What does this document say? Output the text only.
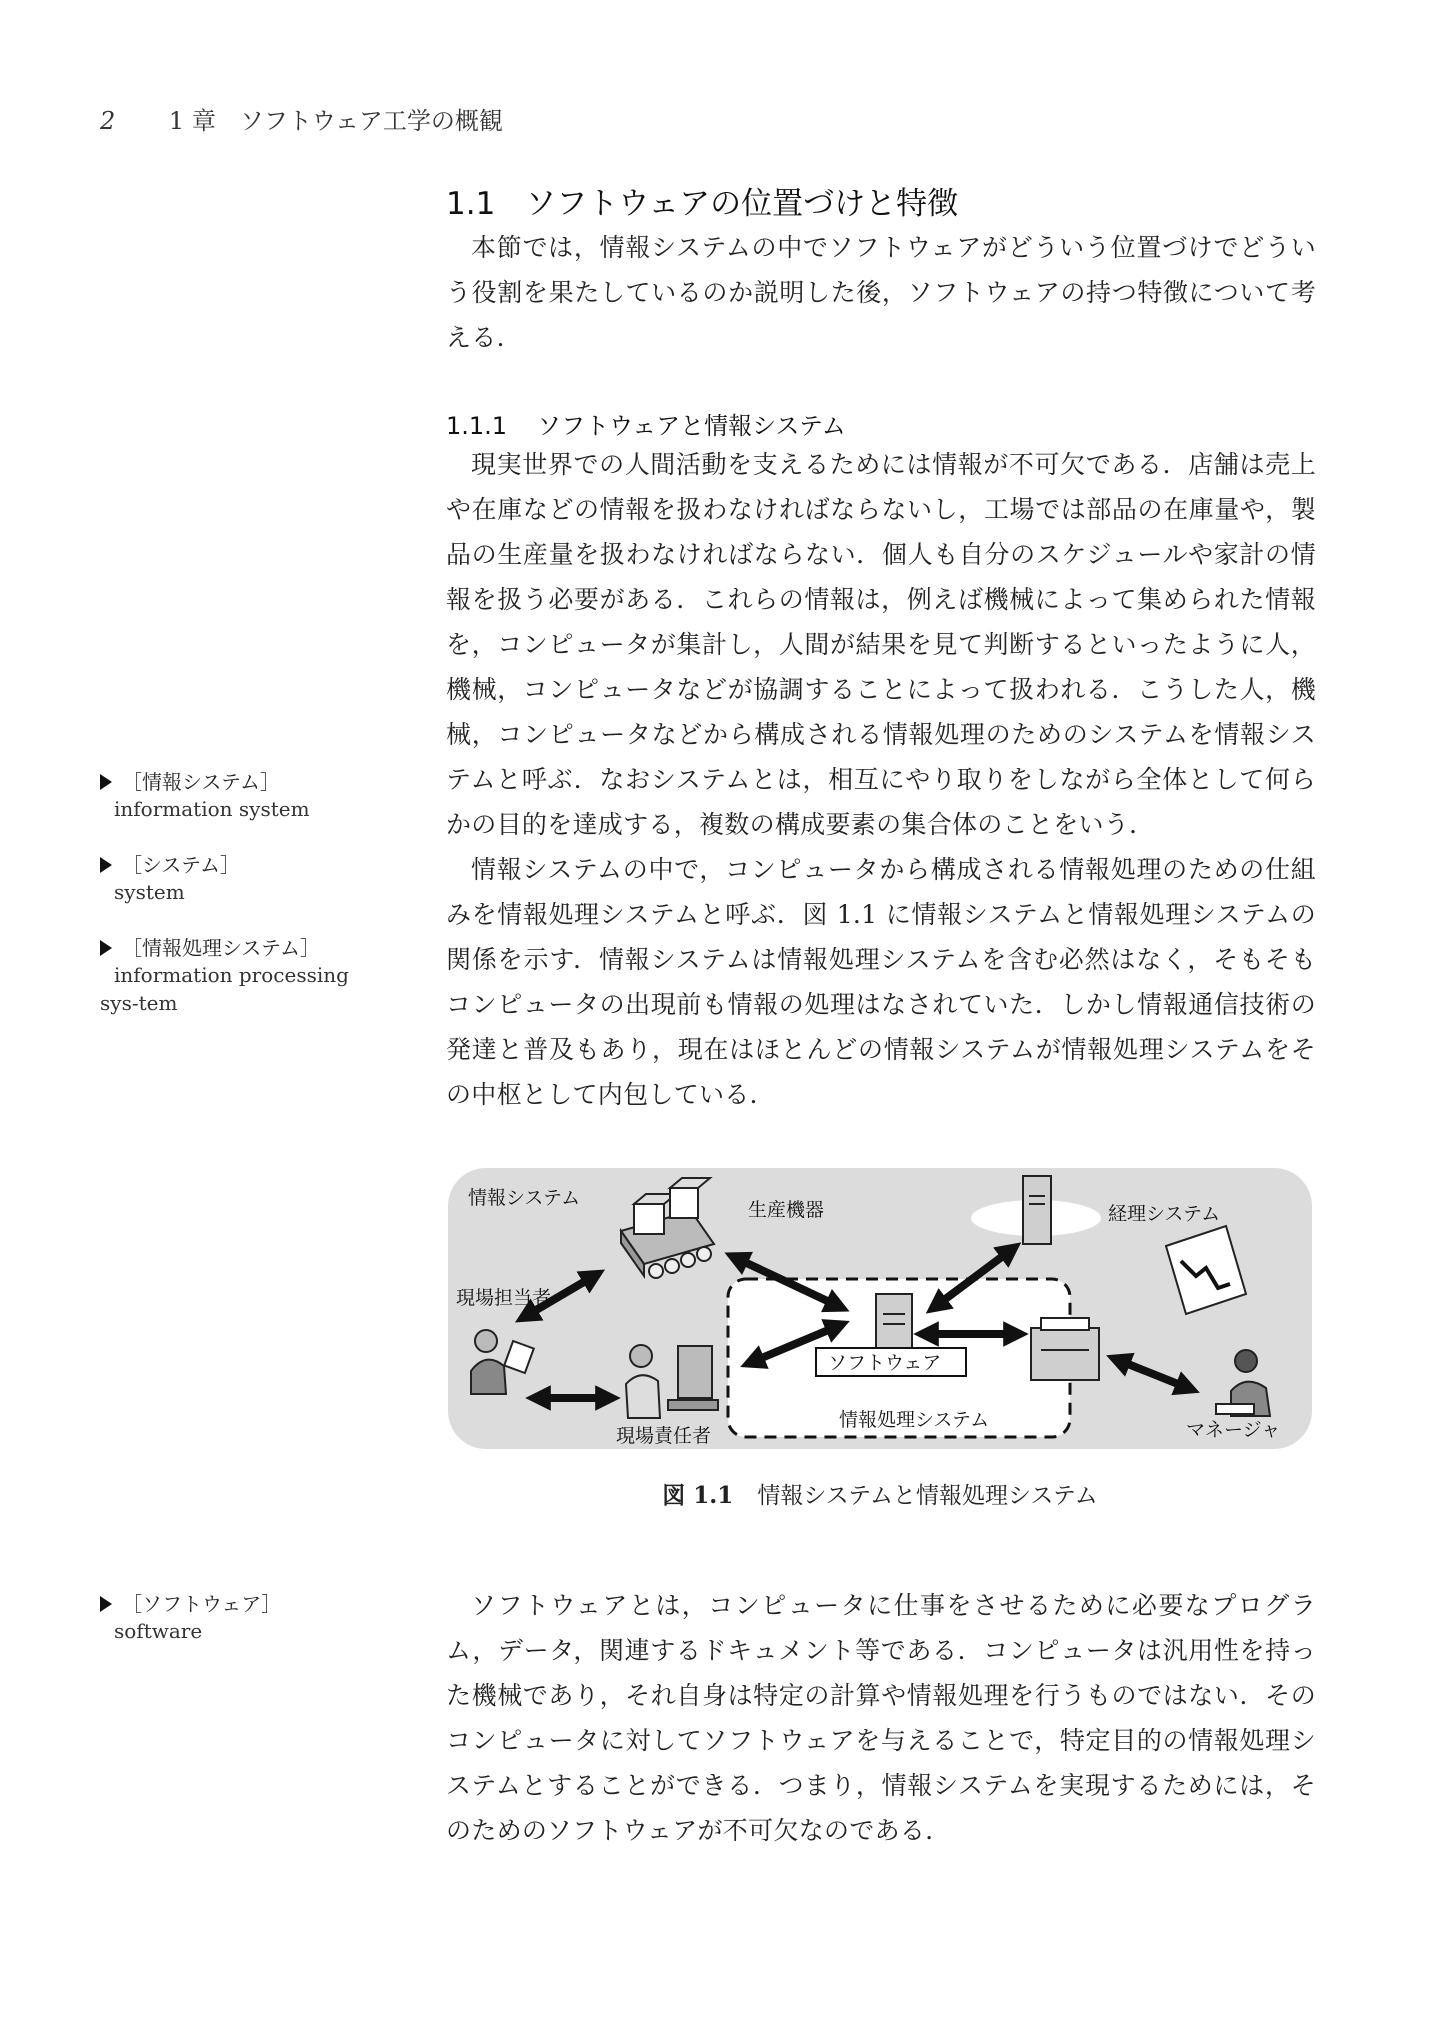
2 1 章　ソフトウェア工学の概観
1.1 ソフトウェアの位置づけと特徴

本節では，情報システムの中でソフトウェアがどういう位置づけでどういう役割を果たしているのか説明した後，ソフトウェアの持つ特徴について考える．

1.1.1 ソフトウェアと情報システム

現実世界での人間活動を支えるためには情報が不可欠である．店舗は売上や在庫などの情報を扱わなければならないし，工場では部品の在庫量や，製品の生産量を扱わなければならない．個人も自分のスケジュールや家計の情報を扱う必要がある．これらの情報は，例えば機械によって集められた情報を，コンピュータが集計し，人間が結果を見て判断するといったように人，機械，コンピュータなどが協調することによって扱われる．こうした人，機械，コンピュータなどから構成される情報処理のためのシステムを情報システムと呼ぶ．なおシステムとは，相互にやり取りをしながら全体として何らかの目的を達成する，複数の構成要素の集合体のことをいう．

情報システムの中で，コンピュータから構成される情報処理のための仕組みを情報処理システムと呼ぶ．図 1.1 に情報システムと情報処理システムの関係を示す．情報システムは情報処理システムを含む必然はなく，そもそもコンピュータの出現前も情報の処理はなされていた．しかし情報通信技術の発達と普及もあり，現在はほとんどの情報システムが情報処理システムをその中枢として内包している．

［情報システム］
information system
［システム］
system
［情報処理システム］
information processing sys-tem
情報システム
生産機器	経理システム
現場担当者
情報処理システム
現場責任者	マネージャ
ソフトウェア
図 1.1 情報システムと情報処理システム
［ソフトウェア］
software

ソフトウェアとは，コンピュータに仕事をさせるために必要なプログラム，データ，関連するドキュメント等である．コンピュータは汎用性を持った機械であり，それ自身は特定の計算や情報処理を行うものではない．そのコンピュータに対してソフトウェアを与えることで，特定目的の情報処理システムとすることができる．つまり，情報システムを実現するためには，そのためのソフトウェアが不可欠なのである．
